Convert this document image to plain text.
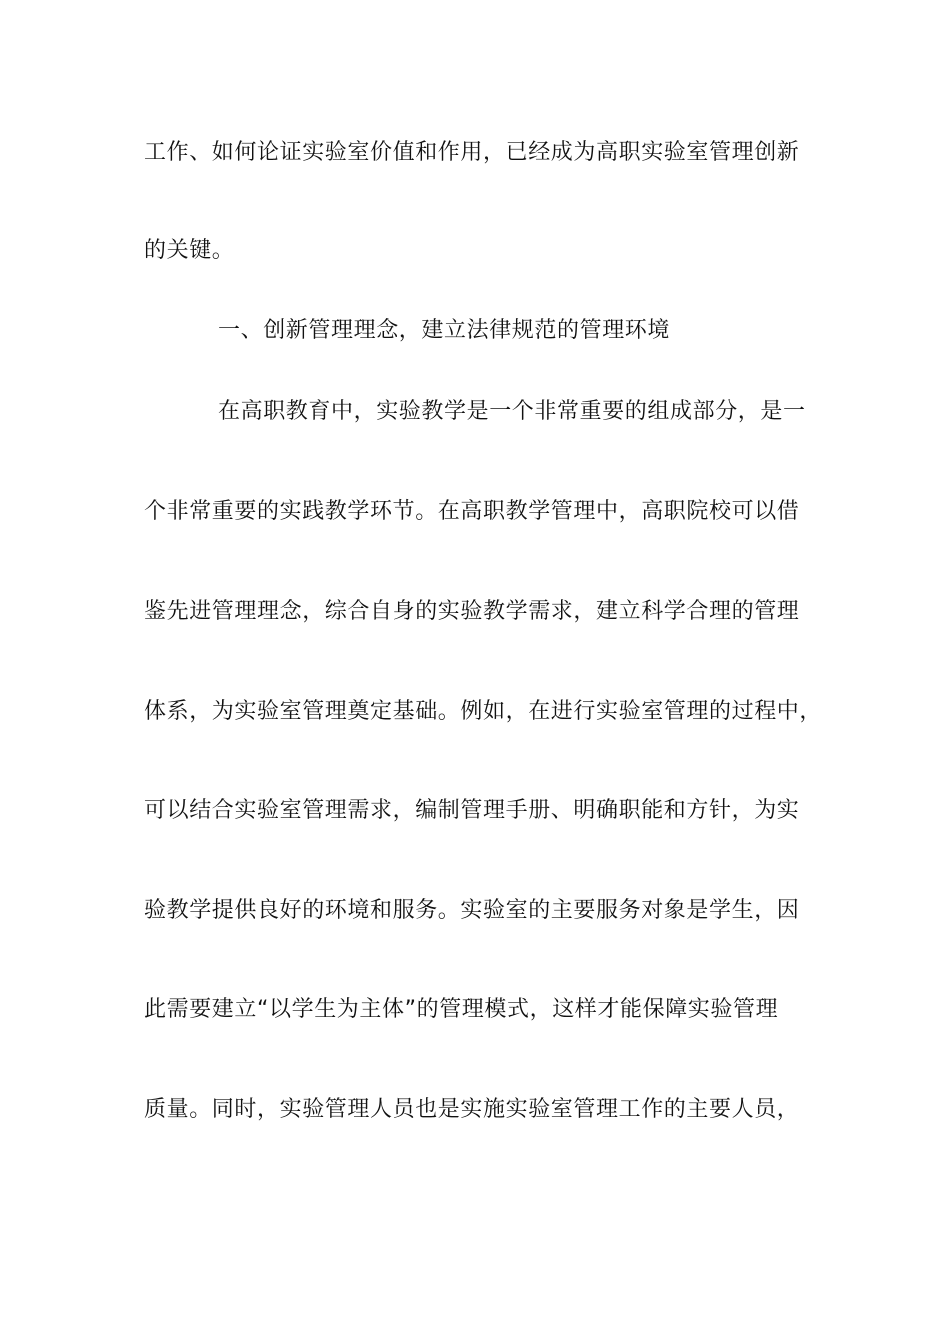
工作、如何论证实验室价值和作用，已经成为高职实验室管理创新
的关键。
一、创新管理理念，建立法律规范的管理环境
在高职教育中，实验教学是一个非常重要的组成部分，是一
个非常重要的实践教学环节。在高职教学管理中，高职院校可以借
鉴先进管理理念，综合自身的实验教学需求，建立科学合理的管理
体系，为实验室管理奠定基础。例如，在进行实验室管理的过程中，
可以结合实验室管理需求，编制管理手册、明确职能和方针，为实
验教学提供良好的环境和服务。实验室的主要服务对象是学生，因
此需要建立“以学生为主体”的管理模式，这样才能保障实验管理
质量。同时，实验管理人员也是实施实验室管理工作的主要人员，
